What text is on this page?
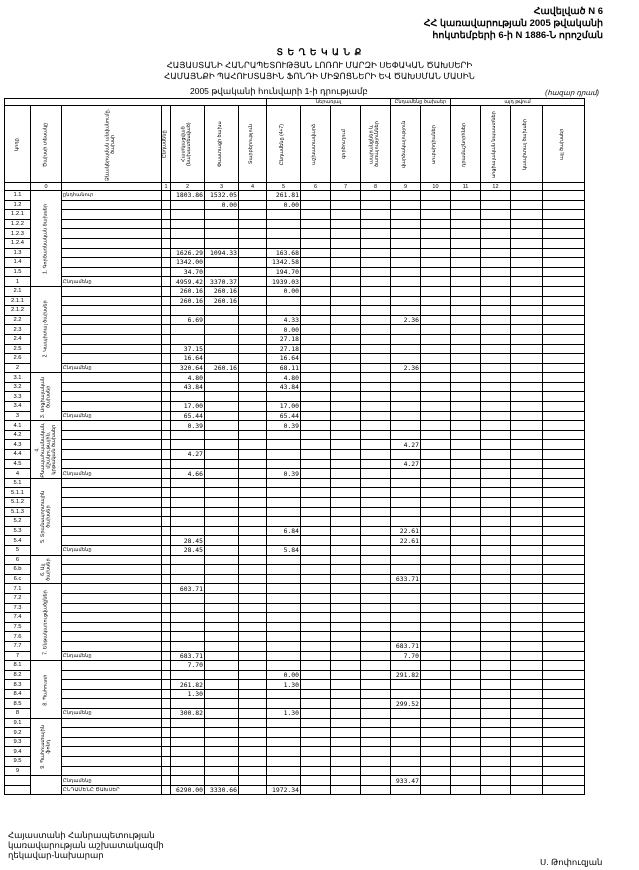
Հավելված N 6
ՀՀ կառավարության 2005 թվականի
հոկտեմբերի 6-ի N 1886-Ն որոշման
Տ Ե Ղ Ե Կ Ա Ն Ք
ՀԱՅԱՍՏԱՆԻ ՀԱՆՐԱՊԵՏՈՒԹՅԱՆ ԼՈՌՈՒ ՄԱՐԶԻ ՍԵՓԱԿԱՆ ԾԱԽՍԵՐԻ
ՀԱՄԱՅՆՔԻ ՊԱՀՈՒՍՏԱՅԻՆ ՖՈՆԴԻ ՄԻՋՈՑՆԵՐԻ ԵՎ ԾԱԽՍՄԱՆ ՄԱՍԻՆ
2005 թվականի հունվարի 1-ի դրությամբ	(հազար դրամ)
							ներառյալ				Ընդամենը ծախսեր		այդ թվում			
կոդը	Ծախսի տեսակը	Ձևակերպման անվանումը, ծախսի	Ընդամենը	Հատկացված (նախատեսված)	Փաստացի ծախս	Տարբերություն	Ընդամենը (4+7)	աշխատավարձ	գործուղում	ապրանքներ և ծառայություններ	վարձակալություն	սուբսիդիաներ	դրամաշնորհներ	սոցիալական նպաստներ	կապիտալ ծախսեր	այլ ծախսեր
	0		1	2	3	4	5	6	7	8	9	10	11	12		
1.1	1. Գործառնական ծախսեր	ընդհանուր		1803.86	1532.05		261.81									
1.2					0.00		0.00									
1.2.1																
1.2.2																
1.2.3																
1.2.4																
1.3				1626.29	1094.33		163.68									
1.4				1342.00			1342.58									
1.5				34.70			194.70									
1		Ընդամենը		4959.42	3370.37		1939.03									
2.1	2. Կապիտալ ծախսեր			260.16	260.16		0.00									
2.1.1				260.16	260.16											
2.1.2																
2.2				6.69			4.33				2.36					
2.3							0.00									
2.4							27.18									
2.5				37.15			27.18									
2.6				16.64			16.64									
2		Ընդամենը		320.64	260.16		68.11				2.36					
3.1	3. Սոցիալական ծախսեր			4.80			4.80									
3.2				43.84			43.84									
3.3																
3.4				17.00			17.00									
3		Ընդամենը		65.44			65.44									
4.1	4. Բնապահպանական, մշակութային, կրթական ծախսեր			0.39			0.39									
4.2																
4.3											4.27					
4.4				4.27												
4.5											4.27					
4		Ընդամենը		4.66			0.39									
5.1	5. Տրանսպորտային ծախսեր															
5.1.1																
5.1.2																
5.1.3																
5.2																
5.3							6.84				22.61					
5.4				28.45							22.61					
5		Ընդամենը		28.45			5.84									
6	6. Այլ ծախսեր															
6.b																
6.c											633.71					
7.1	7. Ենթակառուցվածքներ			603.71												
7.2																
7.3																
7.4																
7.5																
7.6																
7.7											683.71					
7		Ընդամենը		683.71							7.70					
8.1	8. Պահուստ			7.70												
8.2							0.00				291.82					
8.3				261.82			1.30									
8.4				1.30												
8.5											299.52					
8		Ընդամենը		300.82			1.30									
9.1	9. Պահուստային ֆոնդ															
9.2																
9.3																
9.4																
9.5																
9																
		Ընդամենը									933.47					
		ԸՆԴԱՄԵՆԸ ԾԱԽՍԵՐ		6290.00	3330.66		1972.34									
Հայաստանի Հանրապետության
կառավարության աշխատակազմի
ղեկավար-նախարար
Ս. Թոփուզյան
